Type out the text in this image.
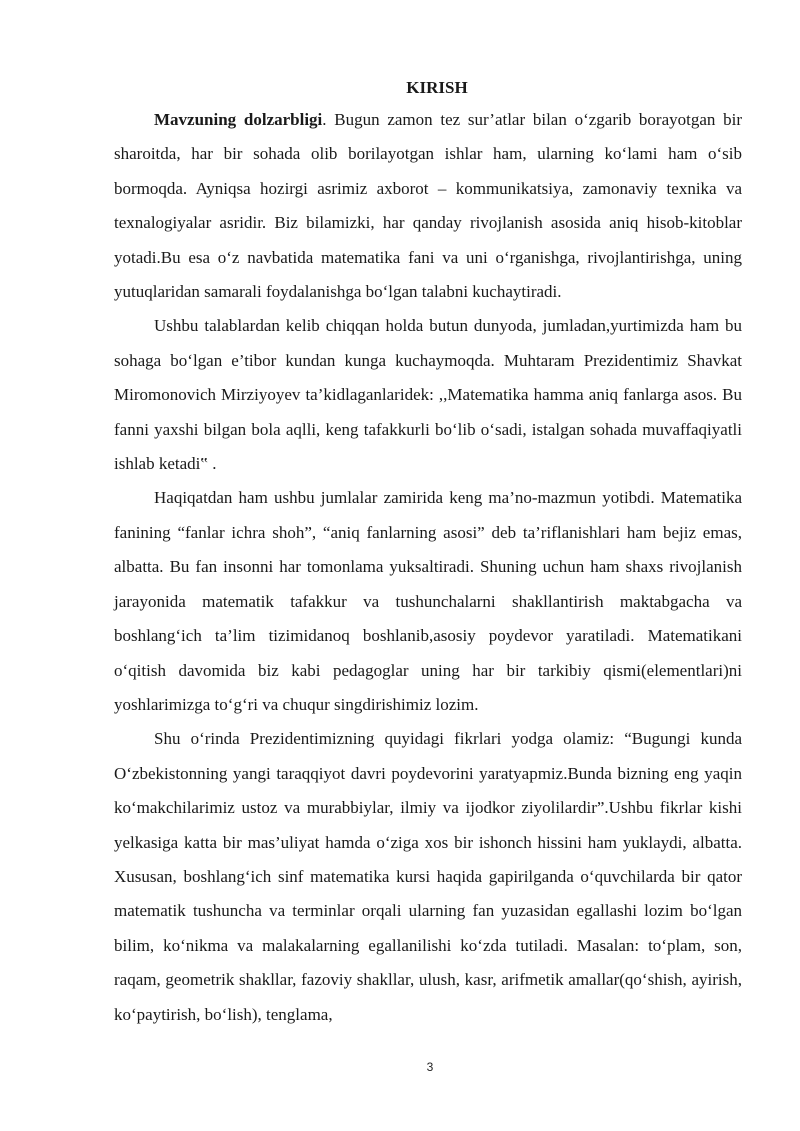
KIRISH

Mavzuning dolzarbligi. Bugun zamon tez sur’atlar bilan o‘zgarib borayotgan bir sharoitda, har bir sohada olib borilayotgan ishlar ham, ularning ko‘lami ham o‘sib bormoqda. Ayniqsa hozirgi asrimiz axborot – kommunikatsiya, zamonaviy texnika va texnalogiyalar asridir. Biz bilamizki, har qanday rivojlanish asosida aniq hisob-kitoblar yotadi.Bu esa o‘z navbatida matematika fani va uni o‘rganishga, rivojlantirishga, uning yutuqlaridan samarali foydalanishga bo‘lgan talabni kuchaytiradi.

Ushbu talablardan kelib chiqqan holda butun dunyoda, jumladan,yurtimizda ham bu sohaga bo‘lgan e’tibor kundan kunga kuchaymoqda. Muhtaram Prezidentimiz Shavkat Miromonovich Mirziyoyev ta’kidlaganlaridek: ,,Matematika hamma aniq fanlarga asos. Bu fanni yaxshi bilgan bola aqlli, keng tafakkurli bo‘lib o‘sadi, istalgan sohada muvaffaqiyatli ishlab ketadi‟ .

Haqiqatdan ham ushbu jumlalar zamirida keng ma’no-mazmun yotibdi. Matematika fanining “fanlar ichra shoh”, “aniq fanlarning asosi” deb ta’riflanishlari ham bejiz emas, albatta. Bu fan insonni har tomonlama yuksaltiradi. Shuning uchun ham shaxs rivojlanish jarayonida matematik tafakkur va tushunchalarni shakllantirish maktabgacha va boshlang‘ich ta’lim tizimidanoq boshlanib,asosiy poydevor yaratiladi. Matematikani o‘qitish davomida biz kabi pedagoglar uning har bir tarkibiy qismi(elementlari)ni yoshlarimizga to‘g‘ri va chuqur singdirishimiz lozim.

Shu o‘rinda Prezidentimizning quyidagi fikrlari yodga olamiz: “Bugungi kunda O‘zbekistonning yangi taraqqiyot davri poydevorini yaratyapmiz.Bunda bizning eng yaqin ko‘makchilarimiz ustoz va murabbiylar, ilmiy va ijodkor ziyolilardir”.Ushbu fikrlar kishi yelkasiga katta bir mas’uliyat hamda o‘ziga xos bir ishonch hissini ham yuklaydi, albatta. Xususan, boshlang‘ich sinf matematika kursi haqida gapirilganda o‘quvchilarda bir qator matematik tushuncha va terminlar orqali ularning fan yuzasidan egallashi lozim bo‘lgan bilim, ko‘nikma va malakalarning egallanilishi ko‘zda tutiladi. Masalan: to‘plam, son, raqam, geometrik shakllar, fazoviy shakllar, ulush, kasr, arifmetik amallar(qo‘shish, ayirish, ko‘paytirish, bo‘lish), tenglama,

3
